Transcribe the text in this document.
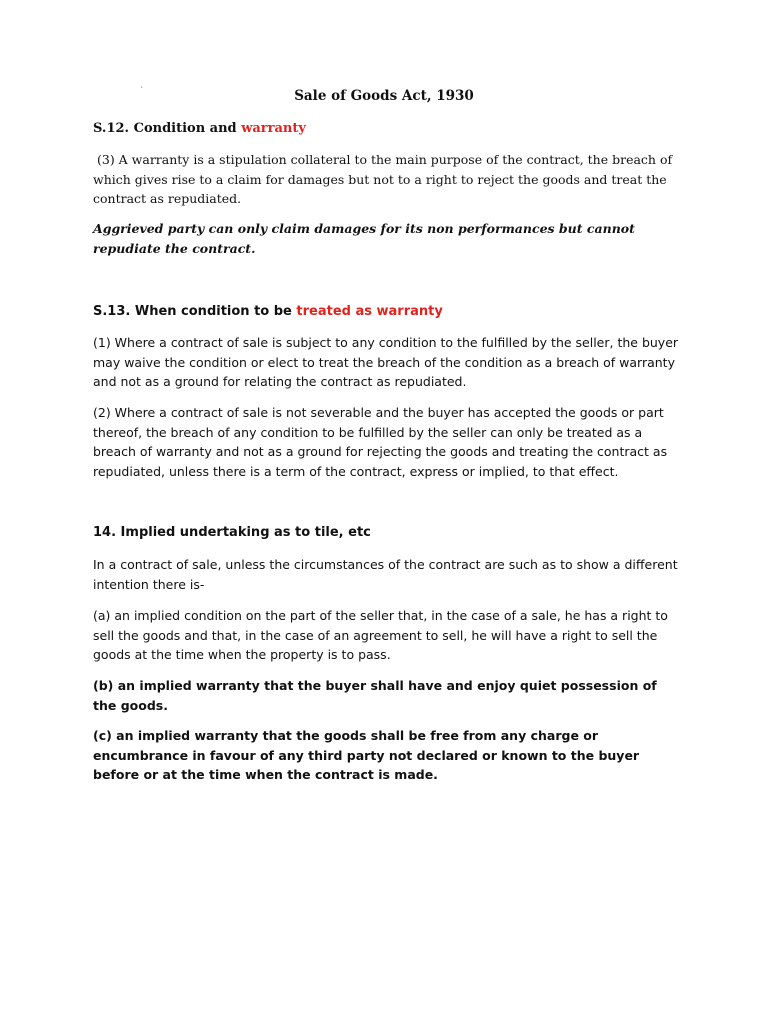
`	Sale of Goods Act, 1930
S.12. Condition and warranty
(3) A warranty is a stipulation collateral to the main purpose of the contract, the breach of which gives rise to a claim for damages but not to a right to reject the goods and treat the contract as repudiated.
Aggrieved party can only claim damages for its non performances but cannot repudiate the contract.
S.13. When condition to be treated as warranty
(1) Where a contract of sale is subject to any condition to the fulfilled by the seller, the buyer may waive the condition or elect to treat the breach of the condition as a breach of warranty and not as a ground for relating the contract as repudiated.
(2) Where a contract of sale is not severable and the buyer has accepted the goods or part thereof, the breach of any condition to be fulfilled by the seller can only be treated as a breach of warranty and not as a ground for rejecting the goods and treating the contract as repudiated, unless there is a term of the contract, express or implied, to that effect.
14. Implied undertaking as to tile, etc
In a contract of sale, unless the circumstances of the contract are such as to show a different intention there is-
(a) an implied condition on the part of the seller that, in the case of a sale, he has a right to sell the goods and that, in the case of an agreement to sell, he will have a right to sell the goods at the time when the property is to pass.
(b) an implied warranty that the buyer shall have and enjoy quiet possession of the goods.
(c) an implied warranty that the goods shall be free from any charge or encumbrance in favour of any third party not declared or known to the buyer before or at the time when the contract is made.
